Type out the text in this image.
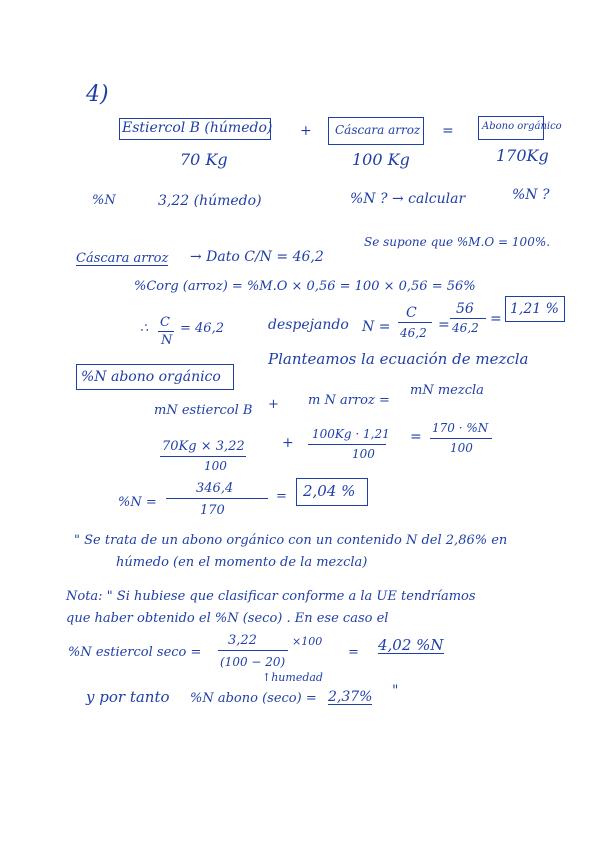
4)
Estiercol B (húmedo) + Cáscara arroz =	Abono orgánico
70 Kg	100 Kg	170Kg
%N	3,22 (húmedo)	%N ? → calcular	%N ?
Cáscara arroz → Dato C/N = 46,2
Se supone que %M.O = 100%.
%Corg (arroz) = %M.O × 0,56 = 100 × 0,56 = 56%
∴ C
N
= 46,2	despejando N =
C
46,2 =
56
46,2
=
1,21 %
%N abono orgánico
Planteamos la ecuación de mezcla
mN estiercol B + m N arroz =
mN mezcla
70Kg × 3,22
100
+
100Kg · 1,21
100
=
170 · %N
100
%N =
346,4
170
= 2,04 %
" Se trata de un abono orgánico con un contenido N del 2,86% en
húmedo (en el momento de la mezcla)
Nota: " Si hubiese que clasificar conforme a la UE tendríamos
que haber obtenido el %N (seco) . En ese caso el
%N estiercol seco =
3,22
(100 − 20)
×100
↑humedad
= 4,02 %N
y por tanto %N abono (seco) = 2,37% "
